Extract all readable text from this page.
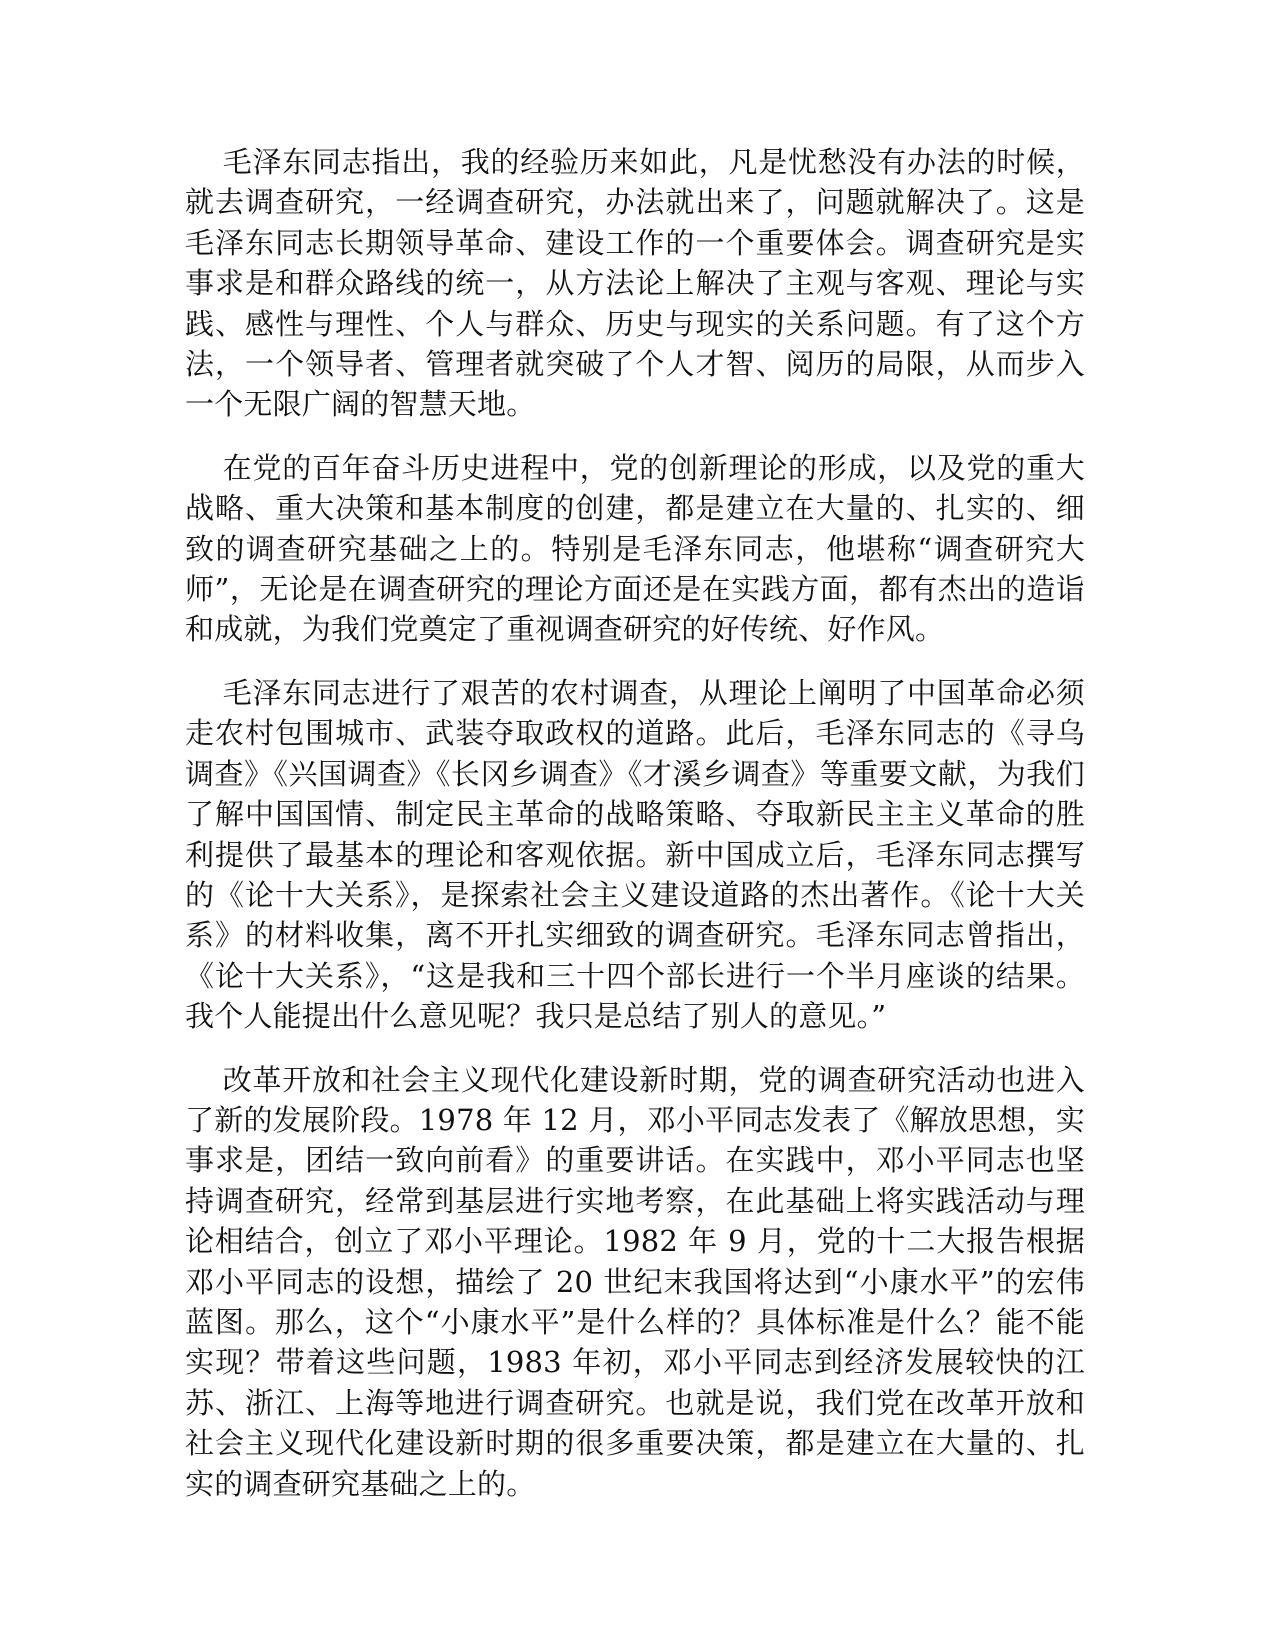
毛泽东同志指出，我的经验历来如此，凡是忧愁没有办法的时候，就去调查研究，一经调查研究，办法就出来了，问题就解决了。这是毛泽东同志长期领导革命、建设工作的一个重要体会。调查研究是实事求是和群众路线的统一，从方法论上解决了主观与客观、理论与实践、感性与理性、个人与群众、历史与现实的关系问题。有了这个方法，一个领导者、管理者就突破了个人才智、阅历的局限，从而步入一个无限广阔的智慧天地。

在党的百年奋斗历史进程中，党的创新理论的形成，以及党的重大战略、重大决策和基本制度的创建，都是建立在大量的、扎实的、细致的调查研究基础之上的。特别是毛泽东同志，他堪称“调查研究大师”，无论是在调查研究的理论方面还是在实践方面，都有杰出的造诣和成就，为我们党奠定了重视调查研究的好传统、好作风。

毛泽东同志进行了艰苦的农村调查，从理论上阐明了中国革命必须走农村包围城市、武装夺取政权的道路。此后，毛泽东同志的《寻乌调查》《兴国调查》《长冈乡调查》《才溪乡调查》等重要文献，为我们了解中国国情、制定民主革命的战略策略、夺取新民主主义革命的胜利提供了最基本的理论和客观依据。新中国成立后，毛泽东同志撰写的《论十大关系》，是探索社会主义建设道路的杰出著作。《论十大关系》的材料收集，离不开扎实细致的调查研究。毛泽东同志曾指出，《论十大关系》，“这是我和三十四个部长进行一个半月座谈的结果。我个人能提出什么意见呢？我只是总结了别人的意见。”

改革开放和社会主义现代化建设新时期，党的调查研究活动也进入了新的发展阶段。1978 年 12 月，邓小平同志发表了《解放思想，实事求是，团结一致向前看》的重要讲话。在实践中，邓小平同志也坚持调查研究，经常到基层进行实地考察，在此基础上将实践活动与理论相结合，创立了邓小平理论。1982 年 9 月，党的十二大报告根据邓小平同志的设想，描绘了 20 世纪末我国将达到“小康水平”的宏伟蓝图。那么，这个“小康水平”是什么样的？具体标准是什么？能不能实现？带着这些问题，1983 年初，邓小平同志到经济发展较快的江苏、浙江、上海等地进行调查研究。也就是说，我们党在改革开放和社会主义现代化建设新时期的很多重要决策，都是建立在大量的、扎实的调查研究基础之上的。
